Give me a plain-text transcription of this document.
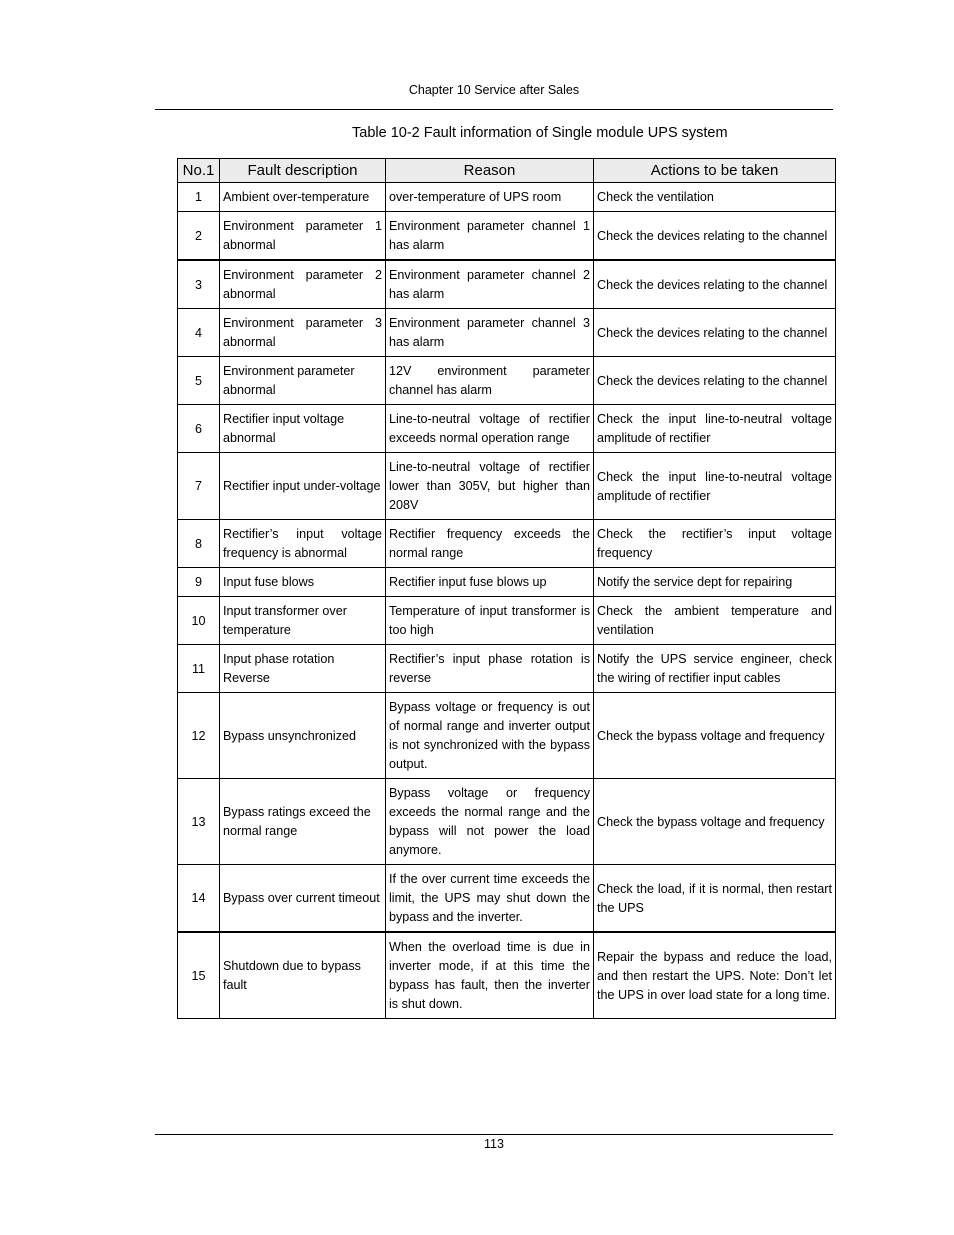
Chapter 10 Service after Sales
Table 10-2 Fault information of Single module UPS system
No.1	Fault description	Reason	Actions to be taken
1	Ambient over-temperature	over-temperature of UPS room	Check the ventilation
2	Environment parameter 1 abnormal	Environment parameter channel 1 has alarm	Check the devices relating to the channel
3	Environment parameter 2 abnormal	Environment parameter channel 2 has alarm	Check the devices relating to the channel
4	Environment parameter 3 abnormal	Environment parameter channel 3 has alarm	Check the devices relating to the channel
5	Environment parameter abnormal	12V environment parameter channel has alarm	Check the devices relating to the channel
6	Rectifier input voltage abnormal	Line-to-neutral voltage of rectifier exceeds normal operation range	Check the input line-to-neutral voltage amplitude of rectifier
7	Rectifier input under-voltage	Line-to-neutral voltage of rectifier lower than 305V, but higher than 208V	Check the input line-to-neutral voltage amplitude of rectifier
8	Rectifier’s input voltage frequency is abnormal	Rectifier frequency exceeds the normal range	Check the rectifier’s input voltage frequency
9	Input fuse blows	Rectifier input fuse blows up	Notify the service dept for repairing
10	Input transformer over temperature	Temperature of input transformer is too high	Check the ambient temperature and ventilation
11	Input phase rotation Reverse	Rectifier’s input phase rotation is reverse	Notify the UPS service engineer, check the wiring of rectifier input cables
12	Bypass unsynchronized	Bypass voltage or frequency is out of normal range and inverter output is not synchronized with the bypass output.	Check the bypass voltage and frequency
13	Bypass ratings exceed the normal range	Bypass voltage or frequency exceeds the normal range and the bypass will not power the load anymore.	Check the bypass voltage and frequency
14	Bypass over current timeout	If the over current time exceeds the limit, the UPS may shut down the bypass and the inverter.	Check the load, if it is normal, then restart the UPS
15	Shutdown due to bypass fault	When the overload time is due in inverter mode, if at this time the bypass has fault, then the inverter is shut down.	Repair the bypass and reduce the load, and then restart the UPS. Note: Don’t let the UPS in over load state for a long time.
113
